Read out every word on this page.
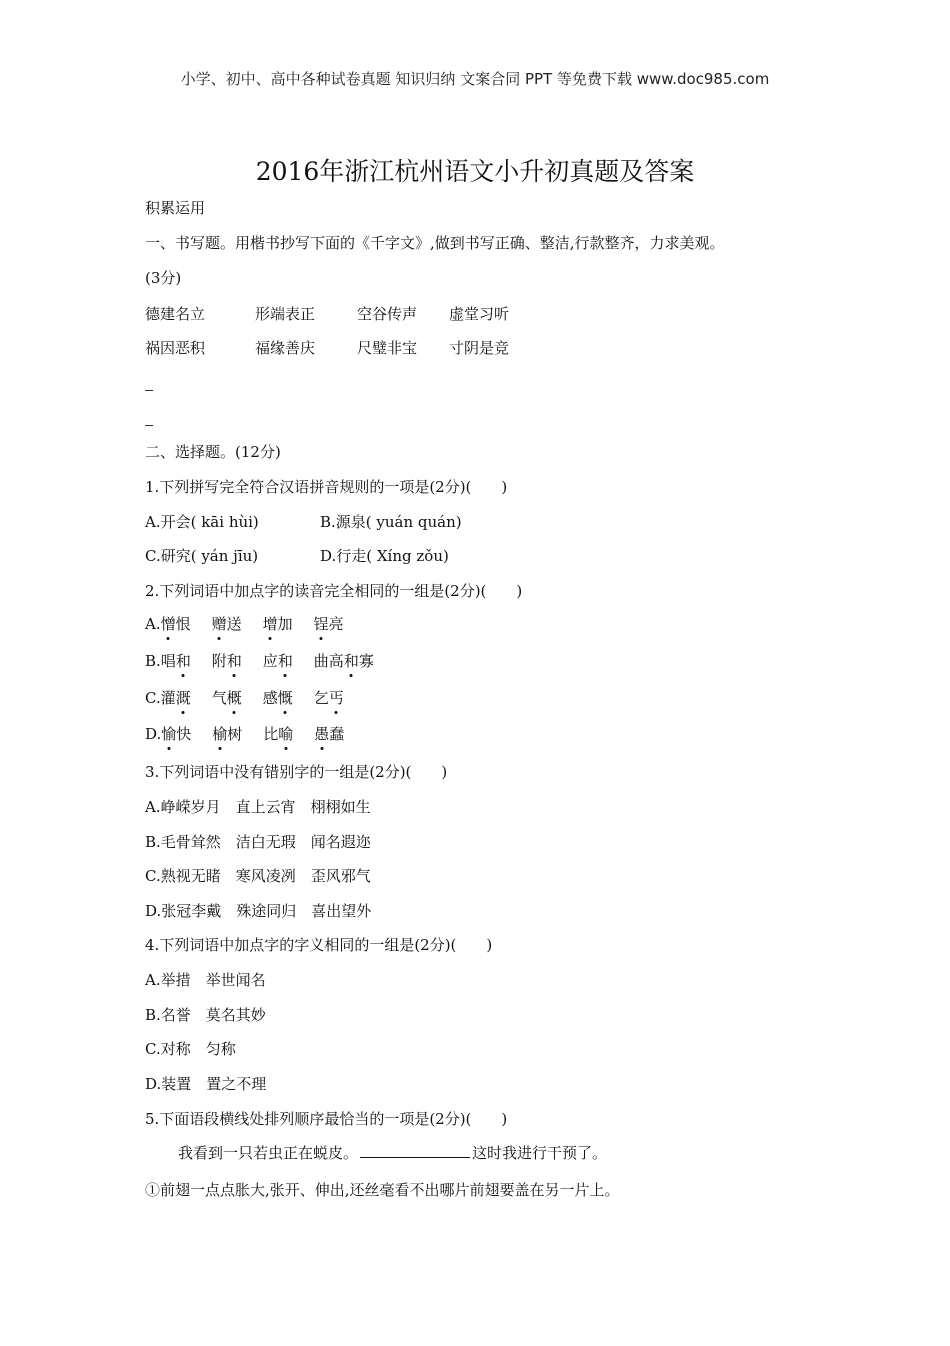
小学、初中、高中各种试卷真题 知识归纳 文案合同 PPT 等免费下载 www.doc985.com
2016年浙江杭州语文小升初真题及答案
积累运用
一、书写题。用楷书抄写下面的《千字文》,做到书写正确、整洁,行款整齐，力求美观。
(3分)
德建名立	形端表正	空谷传声 虚堂习听
祸因恶积	福缘善庆	尺璧非宝 寸阴是竞
二、选择题。(12分)
1.下列拼写完全符合汉语拼音规则的一项是(2分)(　　)
A.开会( kāi hùi)	B.源泉( yuán quán)
C.研究( yán jīu)	D.行走( Xíng zǒu)
2.下列词语中加点字的读音完全相同的一组是(2分)(　　)
A.憎恨 赠送 增加 锃亮
B.唱和 附和 应和 曲高和寡
C.灌溉 气概 感慨 乞丐
D.愉快 榆树 比喻 愚蠢
3.下列词语中没有错别字的一组是(2分)(　　)
A.峥嵘岁月　直上云宵　栩栩如生
B.毛骨耸然　洁白无瑕　闻名遐迩
C.熟视无睹　寒风凌冽　歪风邪气
D.张冠李戴　殊途同归　喜出望外
4.下列词语中加点字的字义相同的一组是(2分)(　　)
A.举措　举世闻名
B.名誉　莫名其妙
C.对称　匀称
D.装置　置之不理
5.下面语段横线处排列顺序最恰当的一项是(2分)(　　)
我看到一只若虫正在蜕皮。	这时我进行干预了。
①前翅一点点胀大,张开、伸出,还丝毫看不出哪片前翅要盖在另一片上。
